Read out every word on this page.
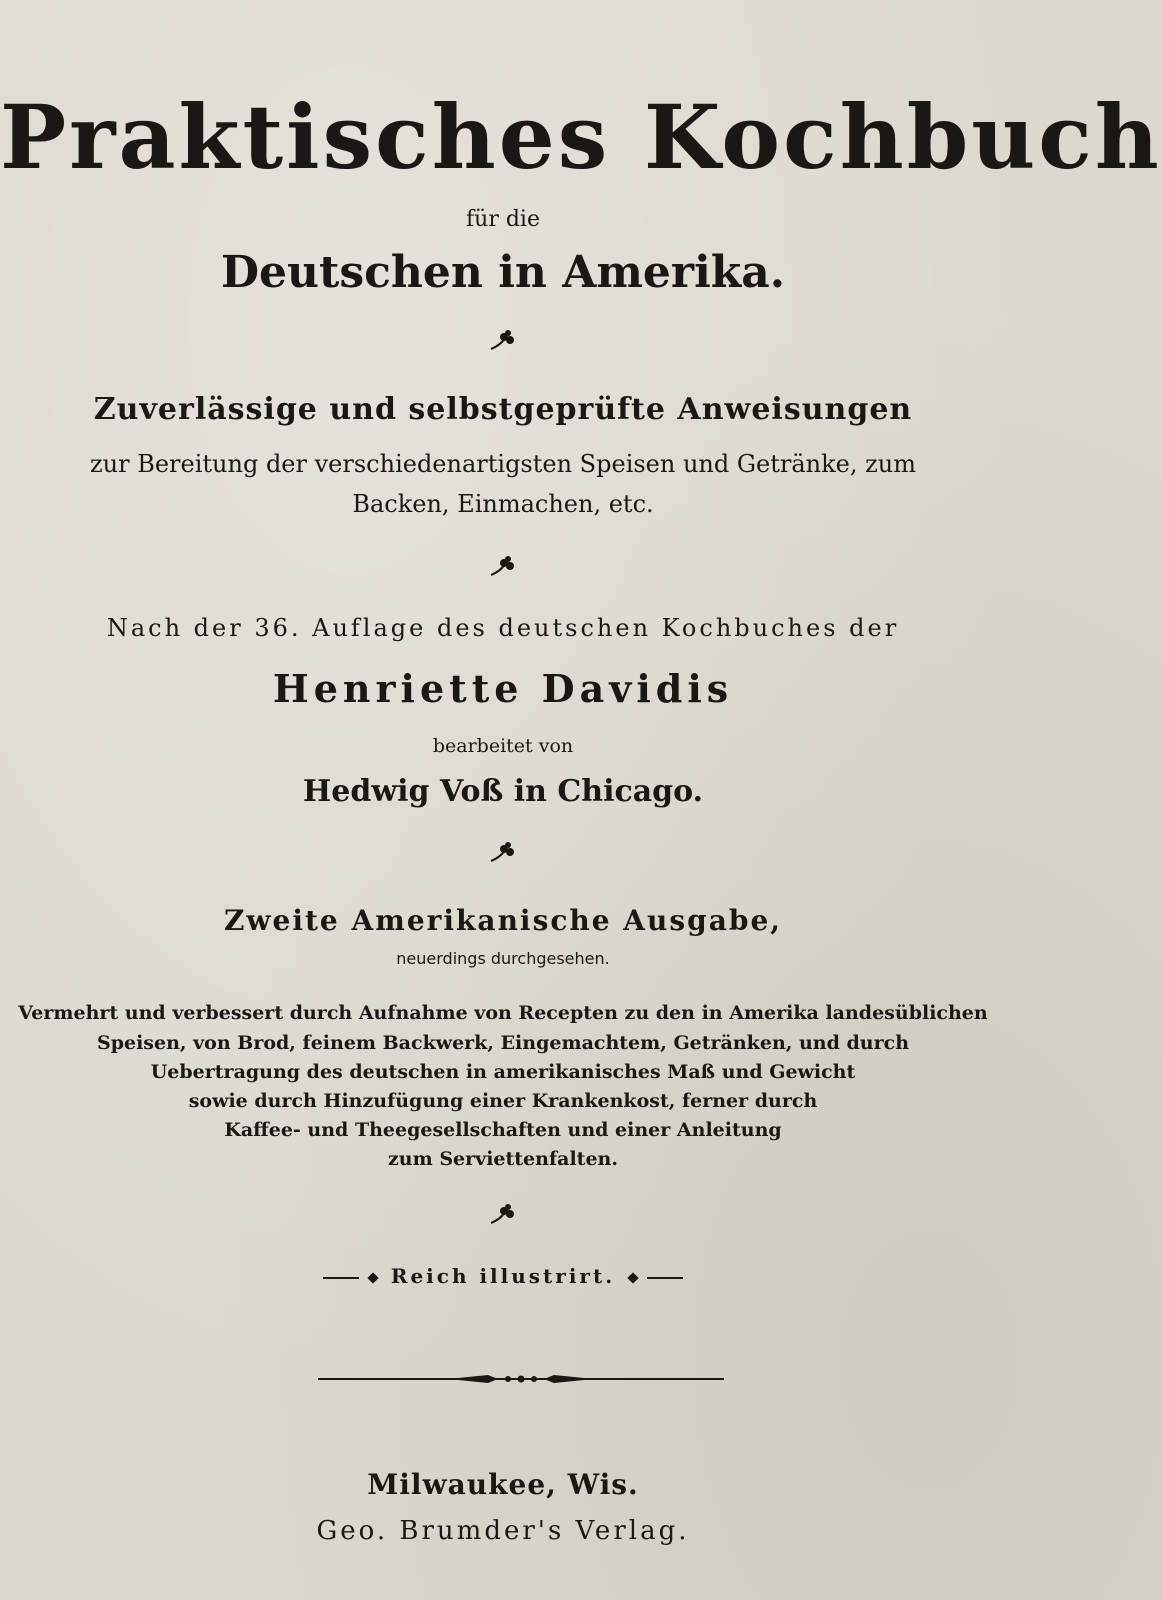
Praktisches Kochbuch
für die
Deutschen in Amerika.
Zuverlässige und selbstgeprüfte Anweisungen
zur Bereitung der verschiedenartigsten Speisen und Getränke, zum
Backen, Einmachen, etc.
Nach der 36. Auflage des deutschen Kochbuches der
Henriette Davidis
bearbeitet von
Hedwig Voß in Chicago.
Zweite Amerikanische Ausgabe,
neuerdings durchgesehen.
Vermehrt und verbessert durch Aufnahme von Recepten zu den in Amerika landesüblichen
Speisen, von Brod, feinem Backwerk, Eingemachtem, Getränken, und durch
Uebertragung des deutschen in amerikanisches Maß und Gewicht
sowie durch Hinzufügung einer Krankenkost, ferner durch
Kaffee- und Theegesellschaften und einer Anleitung
zum Serviettenfalten.
Reich illustrirt.
Milwaukee, Wis.
Geo. Brumder's Verlag.
